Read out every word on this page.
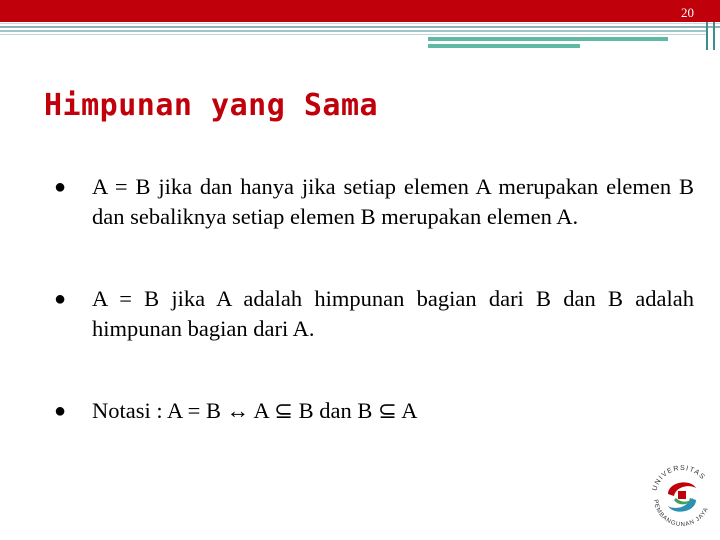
20
Himpunan yang Sama

● A = B jika dan hanya jika setiap elemen A merupakan elemen B dan sebaliknya setiap elemen B merupakan elemen A.

● A = B jika A adalah himpunan bagian dari B dan B adalah himpunan bagian dari A.

● Notasi : A = B ↔ A ⊆ B dan B ⊆ A

UNIVERSITAS
PEMBANGUNAN JAYA
